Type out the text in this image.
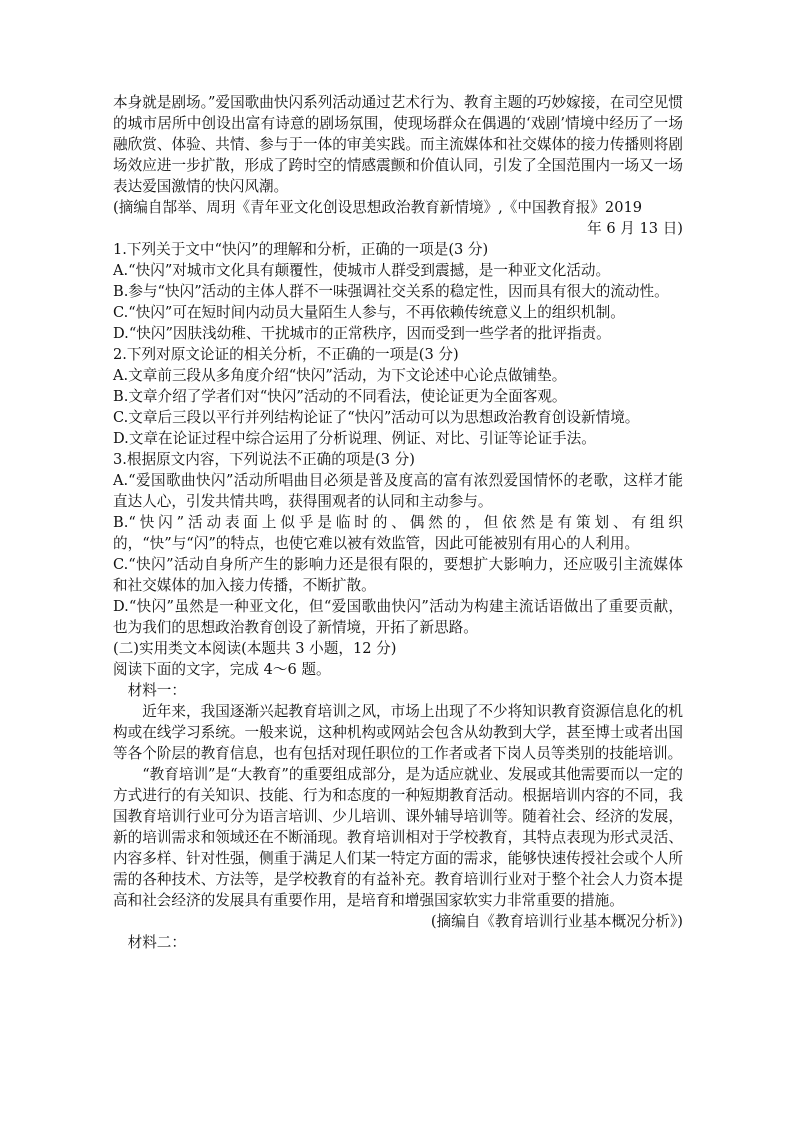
本身就是剧场。”爱国歌曲快闪系列活动通过艺术行为、教育主题的巧妙嫁接，在司空见惯的城市居所中创设出富有诗意的剧场氛围，使现场群众在偶遇的‘戏剧’情境中经历了一场融欣赏、体验、共情、参与于一体的审美实践。而主流媒体和社交媒体的接力传播则将剧场效应进一步扩散，形成了跨时空的情感震颤和价值认同，引发了全国范围内一场又一场表达爱国激情的快闪风潮。

(摘编自郜举、周玥《青年亚文化创设思想政治教育新情境》,《中国教育报》2019

年 6 月 13 日)

1.下列关于文中“快闪”的理解和分析，正确的一项是(3 分)

A.“快闪”对城市文化具有颠覆性，使城市人群受到震撼，是一种亚文化活动。

B.参与“快闪”活动的主体人群不一味强调社交关系的稳定性，因而具有很大的流动性。

C.“快闪”可在短时间内动员大量陌生人参与，不再依赖传统意义上的组织机制。

D.“快闪”因肤浅幼稚、干扰城市的正常秩序，因而受到一些学者的批评指责。

2.下列对原文论证的相关分析，不正确的一项是(3 分)

A.文章前三段从多角度介绍“快闪”活动，为下文论述中心论点做铺垫。

B.文章介绍了学者们对“快闪”活动的不同看法，使论证更为全面客观。

C.文章后三段以平行并列结构论证了“快闪”活动可以为思想政治教育创设新情境。

D.文章在论证过程中综合运用了分析说理、例证、对比、引证等论证手法。

3.根据原文内容，下列说法不正确的项是(3 分)

A.“爱国歌曲快闪”活动所唱曲目必须是普及度高的富有浓烈爱国情怀的老歌，这样才能直达人心，引发共情共鸣，获得围观者的认同和主动参与。

B.“快闪”活动表面上似乎是临时的、偶然的，但依然是有策划、有组织的，“快”与“闪”的特点，也使它难以被有效监管，因此可能被别有用心的人利用。

C.“快闪”活动自身所产生的影响力还是很有限的，要想扩大影响力，还应吸引主流媒体和社交媒体的加入接力传播，不断扩散。

D.“快闪”虽然是一种亚文化，但“爱国歌曲快闪”活动为构建主流话语做出了重要贡献，也为我们的思想政治教育创设了新情境，开拓了新思路。

(二)实用类文本阅读(本题共 3 小题，12 分)

阅读下面的文字，完成 4～6 题。

材料一：

近年来，我国逐渐兴起教育培训之风，市场上出现了不少将知识教育资源信息化的机构或在线学习系统。一般来说，这种机构或网站会包含从幼教到大学，甚至博士或者出国等各个阶层的教育信息，也有包括对现任职位的工作者或者下岗人员等类别的技能培训。

“教育培训”是“大教育”的重要组成部分，是为适应就业、发展或其他需要而以一定的方式进行的有关知识、技能、行为和态度的一种短期教育活动。根据培训内容的不同，我国教育培训行业可分为语言培训、少儿培训、课外辅导培训等。随着社会、经济的发展，新的培训需求和领域还在不断涌现。教育培训相对于学校教育，其特点表现为形式灵活、内容多样、针对性强，侧重于满足人们某一特定方面的需求，能够快速传授社会或个人所需的各种技术、方法等，是学校教育的有益补充。教育培训行业对于整个社会人力资本提高和社会经济的发展具有重要作用，是培育和增强国家软实力非常重要的措施。

(摘编自《教育培训行业基本概况分析》)

材料二：
